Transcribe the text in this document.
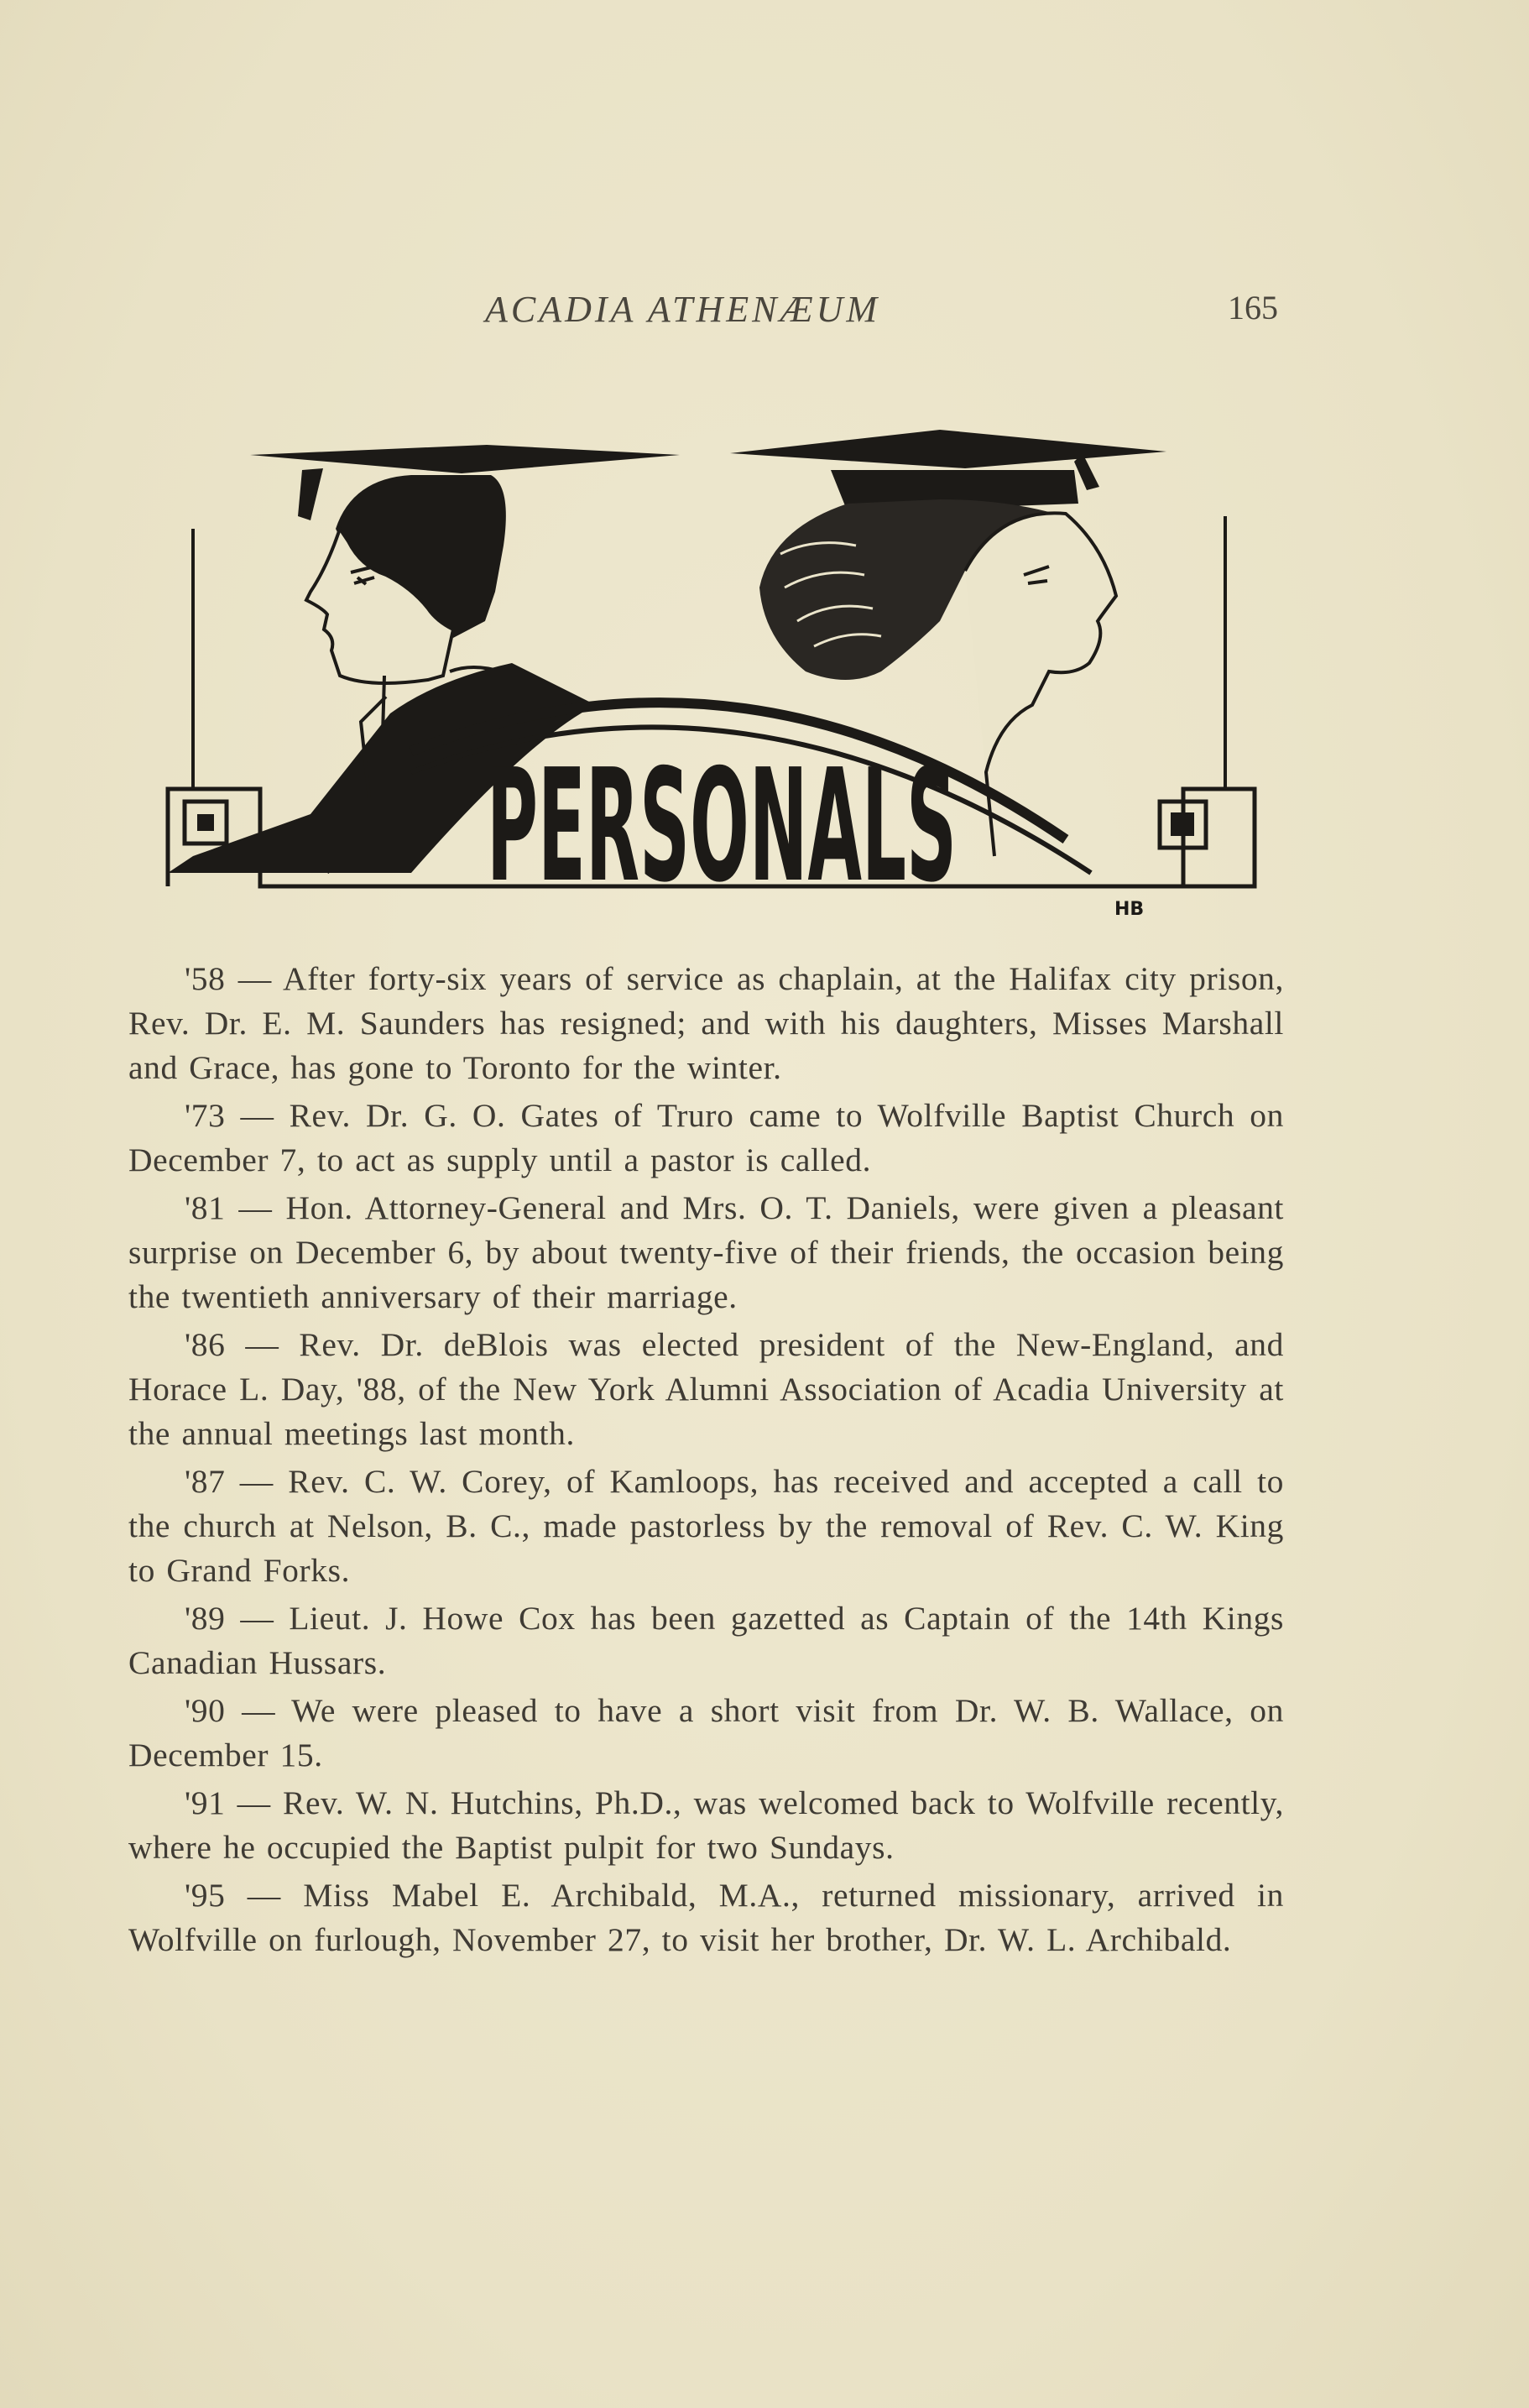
ACADIA ATHENÆUM	165
PERSONALS	HB

'58 — After forty-six years of service as chaplain, at the Halifax city prison, Rev. Dr. E. M. Saunders has resigned; and with his daughters, Misses Marshall and Grace, has gone to Toronto for the winter.

'73 — Rev. Dr. G. O. Gates of Truro came to Wolfville Baptist Church on December 7, to act as supply until a pastor is called.

'81 — Hon. Attorney-General and Mrs. O. T. Daniels, were given a pleasant surprise on December 6, by about twenty-five of their friends, the occasion being the twentieth anniversary of their marriage.

'86 — Rev. Dr. deBlois was elected president of the New-England, and Horace L. Day, '88, of the New York Alumni Association of Acadia University at the annual meetings last month.

'87 — Rev. C. W. Corey, of Kamloops, has received and accepted a call to the church at Nelson, B. C., made pastorless by the removal of Rev. C. W. King to Grand Forks.

'89 — Lieut. J. Howe Cox has been gazetted as Captain of the 14th Kings Canadian Hussars.

'90 — We were pleased to have a short visit from Dr. W. B. Wallace, on December 15.

'91 — Rev. W. N. Hutchins, Ph.D., was welcomed back to Wolfville recently, where he occupied the Baptist pulpit for two Sundays.

'95 — Miss Mabel E. Archibald, M.A., returned missionary, arrived in Wolfville on furlough, November 27, to visit her brother, Dr. W. L. Archibald.
